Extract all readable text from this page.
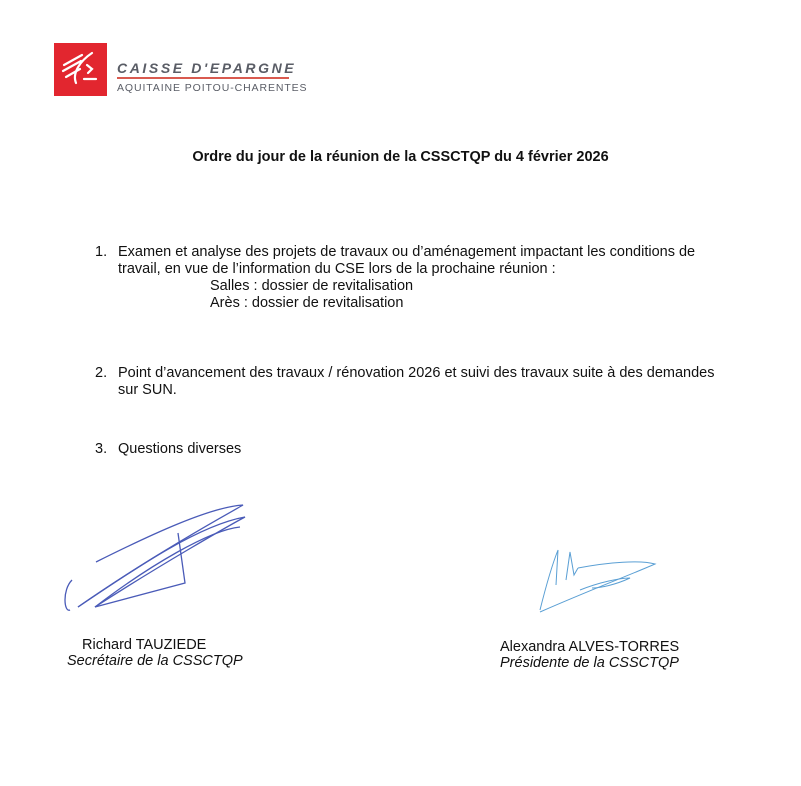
CAISSE D'EPARGNE
AQUITAINE POITOU-CHARENTES
Ordre du jour de la réunion de la CSSCTQP du 4 février 2026
1. Examen et analyse des projets de travaux ou d’aménagement impactant les conditions de
travail, en vue de l’information du CSE lors de la prochaine réunion :
Salles : dossier de revitalisation
Arès : dossier de revitalisation
2. Point d’avancement des travaux / rénovation 2026 et suivi des travaux suite à des demandes
sur SUN.
3. Questions diverses
Richard TAUZIEDE
Secrétaire de la CSSCTQP
Alexandra ALVES-TORRES
Présidente de la CSSCTQP
